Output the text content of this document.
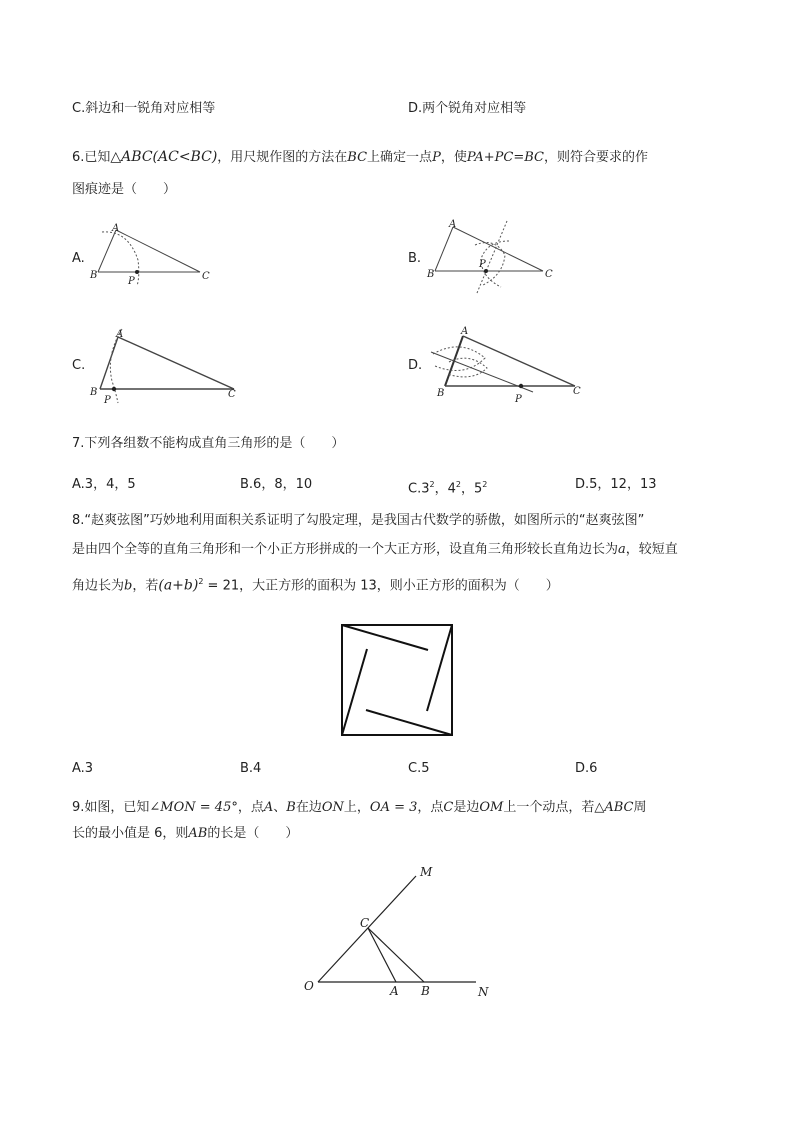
C.斜边和一锐角对应相等	D.两个锐角对应相等
6.已知△ABC(AC<BC)，用尺规作图的方法在BC上确定一点P，使PA+PC=BC，则符合要求的作
图痕迹是（　　）
A.	B.
C.	D.
A
B	C
P
A
B	C
P
A
B	C
P
A
B	C
P
7.下列各组数不能构成直角三角形的是（　　）
A.3，4，5	B.6，8，10	$C.3^2$，$4^2$，$5^2$	D.5，12，13
8.“赵爽弦图”巧妙地利用面积关系证明了勾股定理，是我国古代数学的骄傲，如图所示的“赵爽弦图”
是由四个全等的直角三角形和一个小正方形拼成的一个大正方形，设直角三角形较长直角边长为a，较短直
角边长为b，若$(a+b)^2 = 21$，大正方形的面积为 13，则小正方形的面积为（　　）
A.3	B.4	C.5	D.6
9.如图，已知∠MON = 45°，点A、B在边ON上，OA = 3，点C是边OM上一个动点，若△ABC周
长的最小值是 6，则AB的长是（　　）
M
C
O	A B	N
